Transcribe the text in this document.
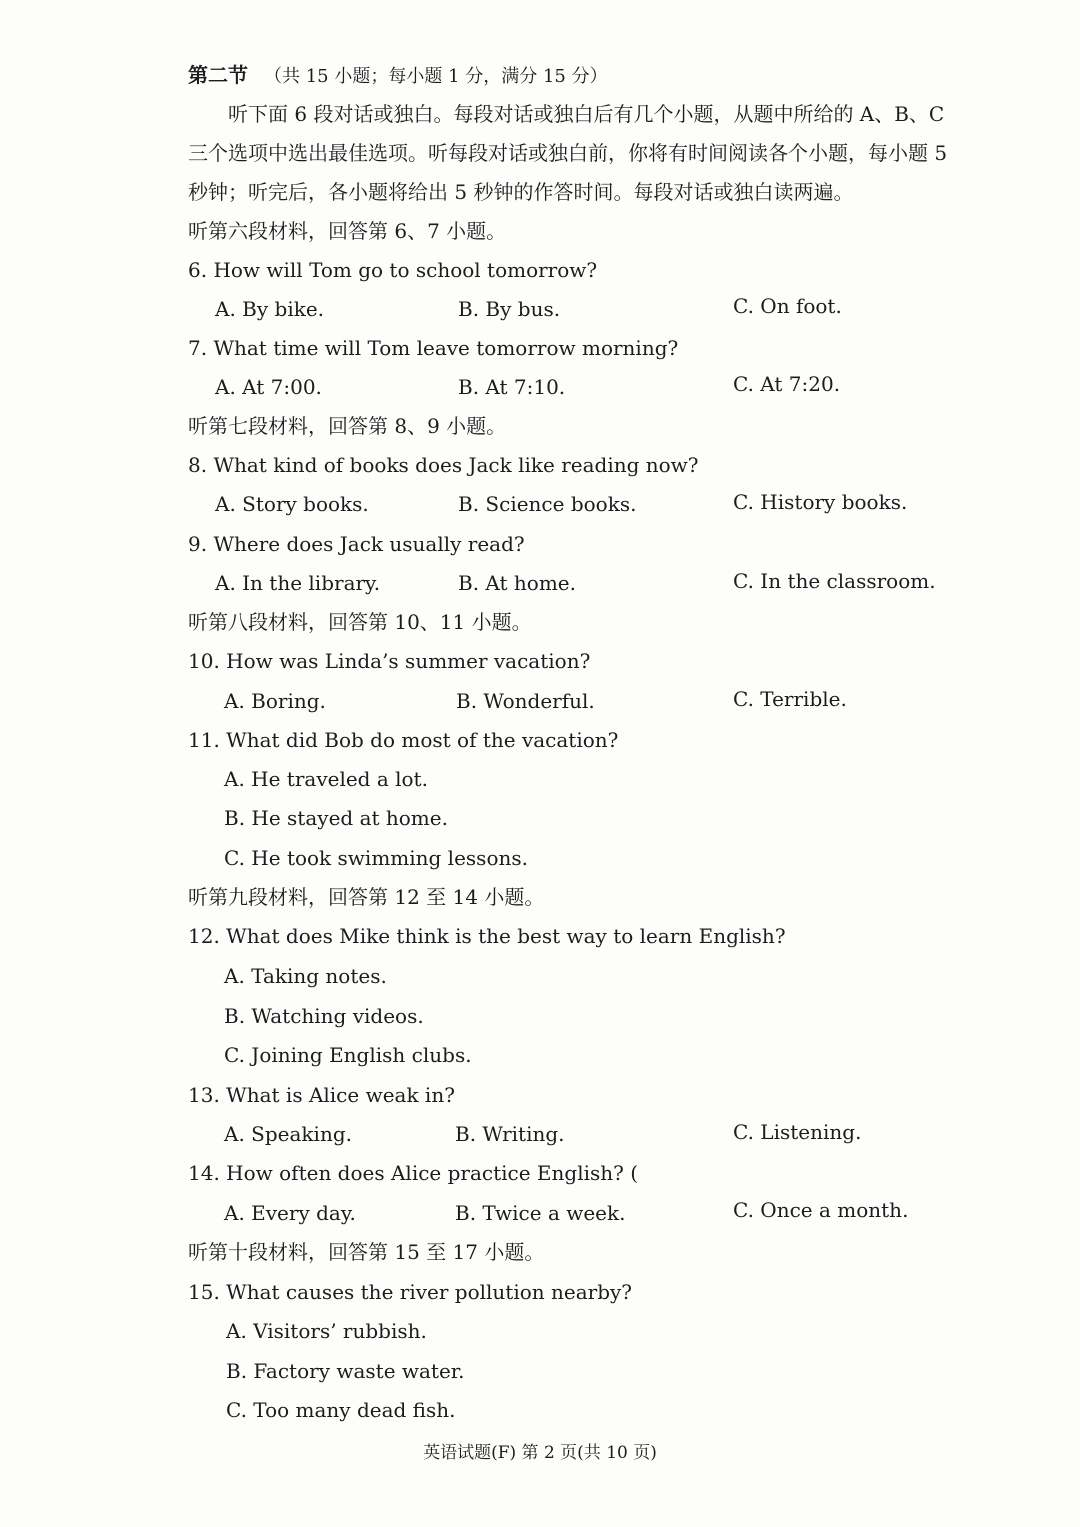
第二节 （共 15 小题；每小题 1 分，满分 15 分）
听下面 6 段对话或独白。每段对话或独白后有几个小题，从题中所给的 A、B、C
三个选项中选出最佳选项。听每段对话或独白前，你将有时间阅读各个小题，每小题 5
秒钟；听完后，各小题将给出 5 秒钟的作答时间。每段对话或独白读两遍。
听第六段材料，回答第 6、7 小题。
6. How will Tom go to school tomorrow?
A. By bike.	B. By bus.	C. On foot.
7. What time will Tom leave tomorrow morning?
A. At 7:00.	B. At 7:10.	C. At 7:20.
听第七段材料，回答第 8、9 小题。
8. What kind of books does Jack like reading now?
A. Story books.	B. Science books.	C. History books.
9. Where does Jack usually read?
A. In the library.	B. At home.	C. In the classroom.
听第八段材料，回答第 10、11 小题。
10. How was Linda’s summer vacation?
A. Boring.	B. Wonderful.	C. Terrible.
11. What did Bob do most of the vacation?
A. He traveled a lot.
B. He stayed at home.
C. He took swimming lessons.
听第九段材料，回答第 12 至 14 小题。
12. What does Mike think is the best way to learn English?
A. Taking notes.
B. Watching videos.
C. Joining English clubs.
13. What is Alice weak in?
A. Speaking.	B. Writing.	C. Listening.
14. How often does Alice practice English? (
A. Every day.	B. Twice a week.	C. Once a month.
听第十段材料，回答第 15 至 17 小题。
15. What causes the river pollution nearby?
A. Visitors’ rubbish.
B. Factory waste water.
C. Too many dead fish.
英语试题(F) 第 2 页(共 10 页)
